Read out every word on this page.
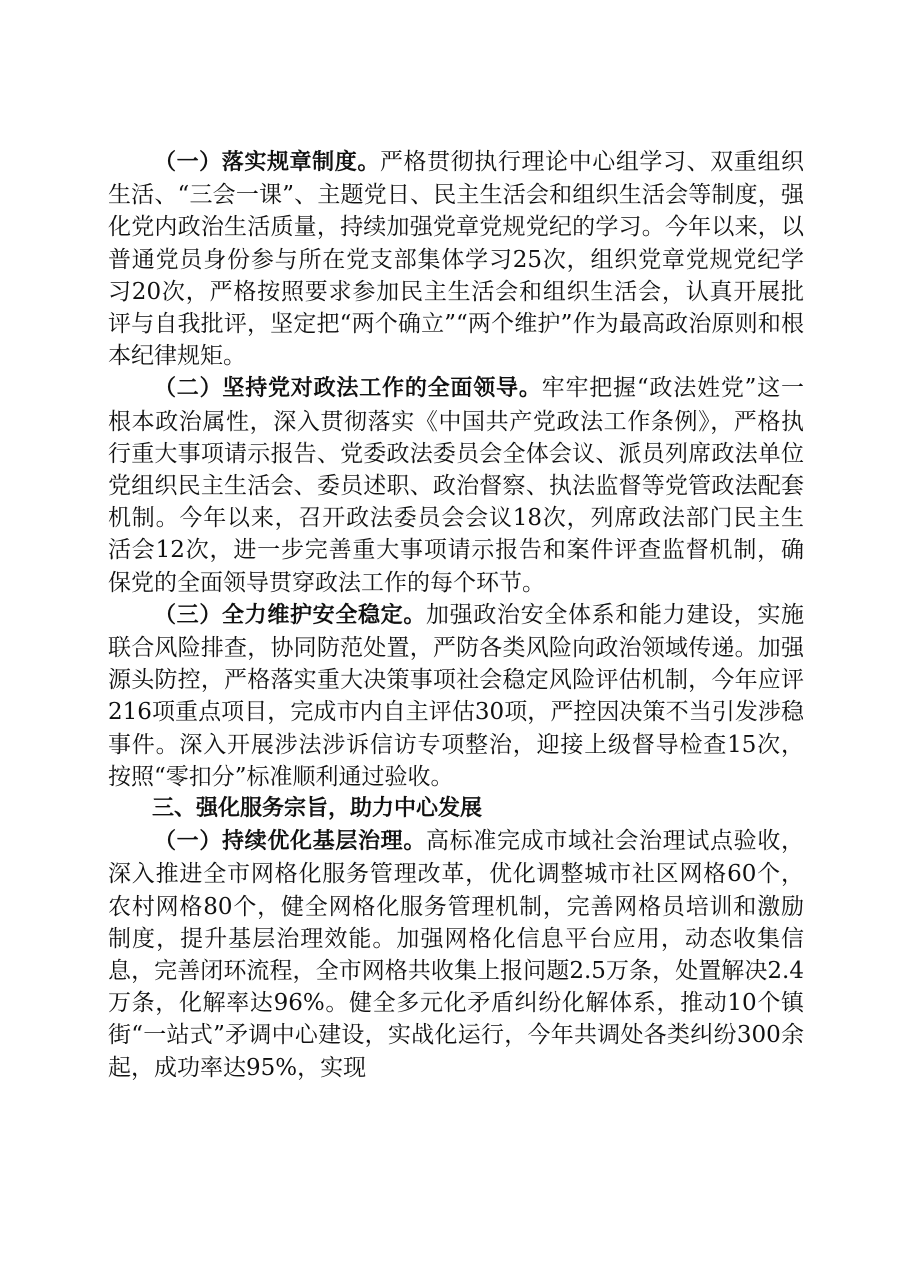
（一）落实规章制度。严格贯彻执行理论中心组学习、双重组织生活、“三会一课”、主题党日、民主生活会和组织生活会等制度，强化党内政治生活质量，持续加强党章党规党纪的学习。今年以来，以普通党员身份参与所在党支部集体学习25次，组织党章党规党纪学习20次，严格按照要求参加民主生活会和组织生活会，认真开展批评与自我批评，坚定把“两个确立”“两个维护”作为最高政治原则和根本纪律规矩。

（二）坚持党对政法工作的全面领导。牢牢把握“政法姓党”这一根本政治属性，深入贯彻落实《中国共产党政法工作条例》，严格执行重大事项请示报告、党委政法委员会全体会议、派员列席政法单位党组织民主生活会、委员述职、政治督察、执法监督等党管政法配套机制。今年以来，召开政法委员会会议18次，列席政法部门民主生活会12次，进一步完善重大事项请示报告和案件评查监督机制，确保党的全面领导贯穿政法工作的每个环节。

（三）全力维护安全稳定。加强政治安全体系和能力建设，实施联合风险排查，协同防范处置，严防各类风险向政治领域传递。加强源头防控，严格落实重大决策事项社会稳定风险评估机制，今年应评216项重点项目，完成市内自主评估30项，严控因决策不当引发涉稳事件。深入开展涉法涉诉信访专项整治，迎接上级督导检查15次，按照“零扣分”标准顺利通过验收。

三、强化服务宗旨，助力中心发展

（一）持续优化基层治理。高标准完成市域社会治理试点验收，深入推进全市网格化服务管理改革，优化调整城市社区网格60个，农村网格80个，健全网格化服务管理机制，完善网格员培训和激励制度，提升基层治理效能。加强网格化信息平台应用，动态收集信息，完善闭环流程，全市网格共收集上报问题2.5万条，处置解决2.4万条，化解率达96%。健全多元化矛盾纠纷化解体系，推动10个镇街“一站式”矛调中心建设，实战化运行，今年共调处各类纠纷300余起，成功率达95%，实现
